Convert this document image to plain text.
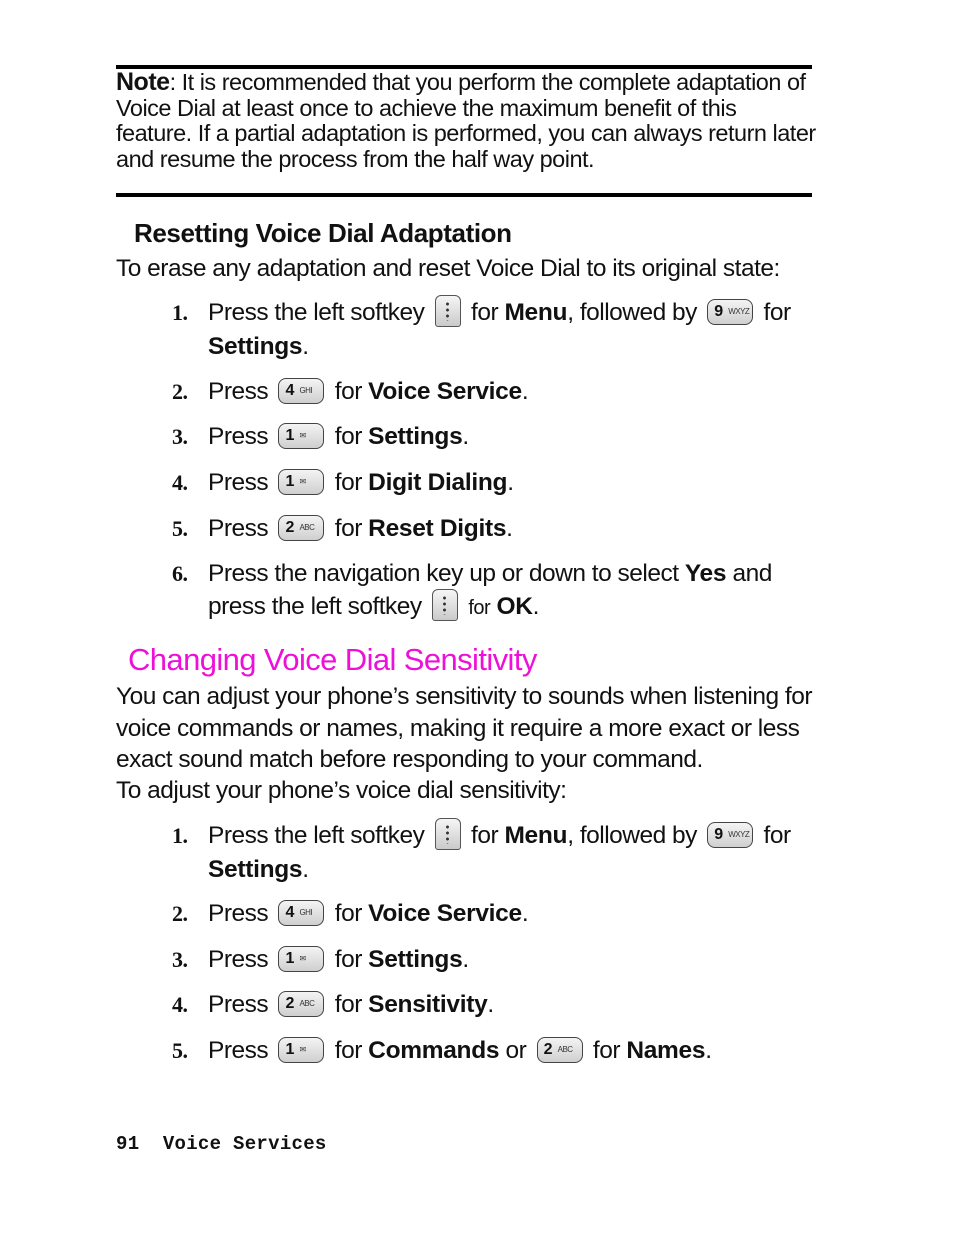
Note: It is recommended that you perform the complete adaptation of Voice Dial at least once to achieve the maximum benefit of this feature. If a partial adaptation is performed, you can always return later and resume the process from the half way point.
Resetting Voice Dial Adaptation
To erase any adaptation and reset Voice Dial to its original state:
1. Press the left softkey for Menu, followed by 9 WXYZ for
Settings.
2. Press 4 GHI for Voice Service.
3. Press 1 ✉ for Settings.
4. Press 1 ✉ for Digit Dialing.
5. Press 2 ABC for Reset Digits.
6. Press the navigation key up or down to select Yes and press the left softkey for OK.
Changing Voice Dial Sensitivity
You can adjust your phone’s sensitivity to sounds when listening for voice commands or names, making it require a more exact or less exact sound match before responding to your command.
To adjust your phone’s voice dial sensitivity:
1. Press the left softkey for Menu, followed by 9 WXYZ for
Settings.
2. Press 4 GHI for Voice Service.
3. Press 1 ✉ for Settings.
4. Press 2 ABC for Sensitivity.
5. Press 1 ✉ for Commands or 2 ABC for Names.
91 Voice Services
